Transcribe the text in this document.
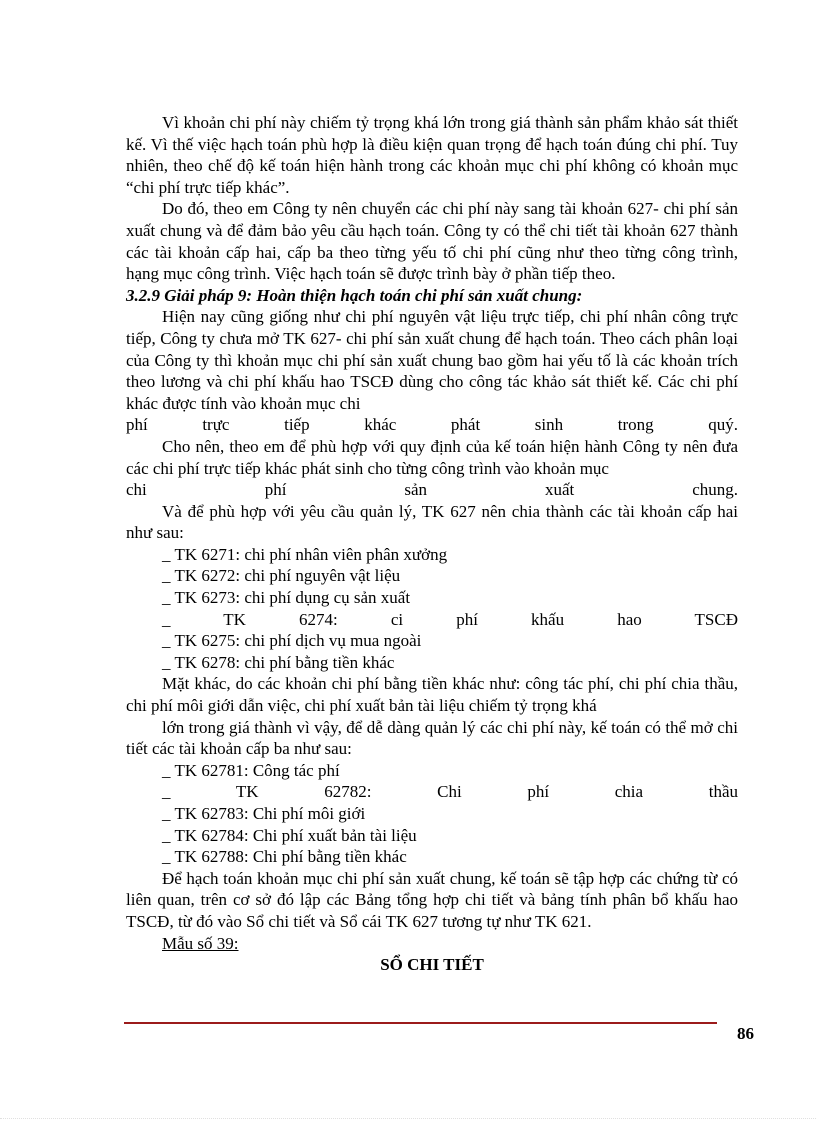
Vì khoản chi phí này chiếm tỷ trọng khá lớn trong giá thành sản phẩm khảo sát thiết kế. Vì thế việc hạch toán phù hợp là điều kiện quan trọng để hạch toán đúng chi phí. Tuy nhiên, theo chế độ kế toán hiện hành trong các khoản mục chi phí không có khoản mục “chi phí trực tiếp khác”.

Do đó, theo em Công ty nên chuyển các chi phí này sang tài khoản 627- chi phí sản xuất chung và để đảm bảo yêu cầu hạch toán. Công ty có thể chi tiết tài khoản 627 thành các tài khoản cấp hai, cấp ba theo từng yếu tố chi phí cũng như theo từng công trình, hạng mục công trình. Việc hạch toán sẽ được trình bày ở phần tiếp theo.

3.2.9 Giải pháp 9: Hoàn thiện hạch toán chi phí sản xuất chung:

Hiện nay cũng giống như chi phí nguyên vật liệu trực tiếp, chi phí nhân công trực tiếp, Công ty chưa mở TK 627- chi phí sản xuất chung để hạch toán. Theo cách phân loại của Công ty thì khoản mục chi phí sản xuất chung bao gồm hai yếu tố là các khoản trích theo lương và chi phí khấu hao TSCĐ dùng cho công tác khảo sát thiết kế. Các chi phí khác được tính vào khoản mục chi

phí trực tiếp khác phát sinh trong quý.

Cho nên, theo em để phù hợp với quy định của kế toán hiện hành Công ty nên đưa các chi phí trực tiếp khác phát sinh cho từng công trình vào khoản mục

chi phí sản xuất chung.

Và để phù hợp với yêu cầu quản lý, TK 627 nên chia thành các tài khoản cấp hai như sau:

_ TK 6271: chi phí nhân viên phân xưởng

_ TK 6272: chi phí nguyên vật liệu

_ TK 6273: chi phí dụng cụ sản xuất

_ TK 6274: ci phí khấu hao TSCĐ

_ TK 6275: chi phí dịch vụ mua ngoài

_ TK 6278: chi phí bằng tiền khác

Mặt khác, do các khoản chi phí bằng tiền khác như: công tác phí, chi phí chia thầu, chi phí môi giới dẫn việc, chi phí xuất bản tài liệu chiếm tỷ trọng khá

lớn trong giá thành vì vậy, để dễ dàng quản lý các chi phí này, kế toán có thể mở chi tiết các tài khoản cấp ba như sau:

_ TK 62781: Công tác phí

_ TK 62782: Chi phí chia thầu

_ TK 62783: Chi phí môi giới

_ TK 62784: Chi phí xuất bản tài liệu

_ TK 62788: Chi phí bằng tiền khác

Để hạch toán khoản mục chi phí sản xuất chung, kế toán sẽ tập hợp các chứng từ có liên quan, trên cơ sở đó lập các Bảng tổng hợp chi tiết và bảng tính phân bổ khấu hao TSCĐ, từ đó vào Sổ chi tiết và Sổ cái TK 627 tương tự như TK 621.

Mẫu số 39:

SỔ CHI TIẾT

86
